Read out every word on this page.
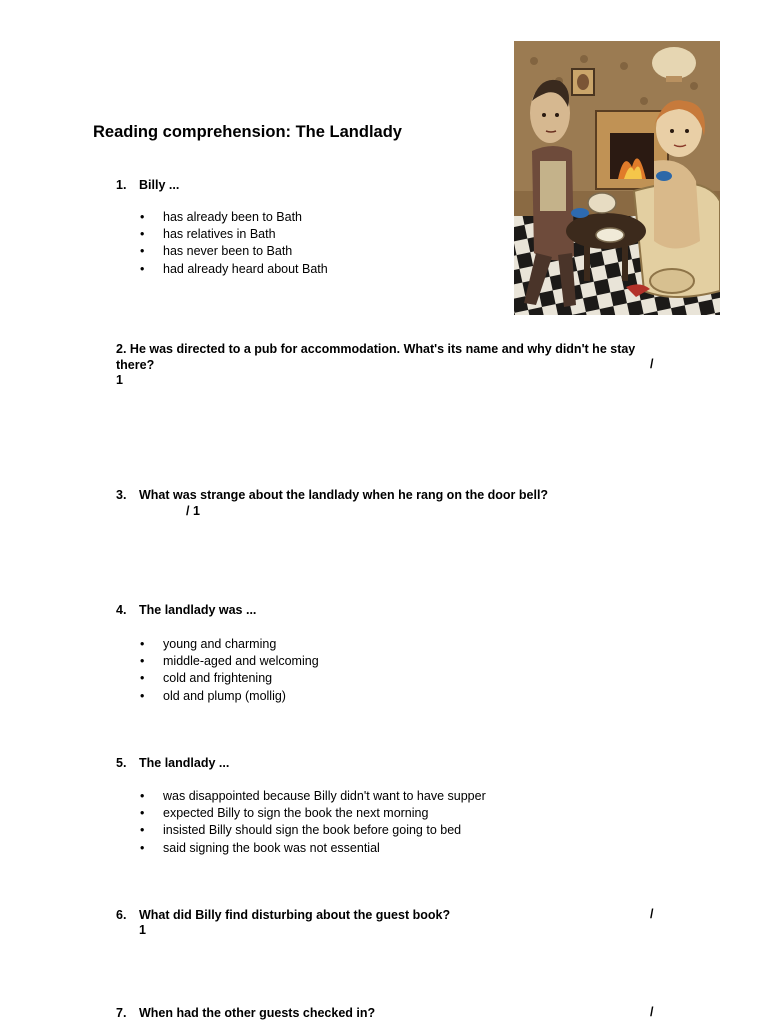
Reading comprehension: The Landlady
1. Billy ...
• has already been to Bath
• has relatives in Bath
• has never been to Bath
• had already heard about Bath
2. He was directed to a pub for accommodation. What's its name and why didn't he stay there?	/
1
3. What was strange about the landlady when he rang on the door bell?
/ 1
4. The landlady was ...
• young and charming
• middle-aged and welcoming
• cold and frightening
• old and plump (mollig)
5. The landlady ...
• was disappointed because Billy didn't want to have supper
• expected Billy to sign the book the next morning
• insisted Billy should sign the book before going to bed
• said signing the book was not essential
6. What did Billy find disturbing about the guest book?	/
1
7. When had the other guests checked in?	/
